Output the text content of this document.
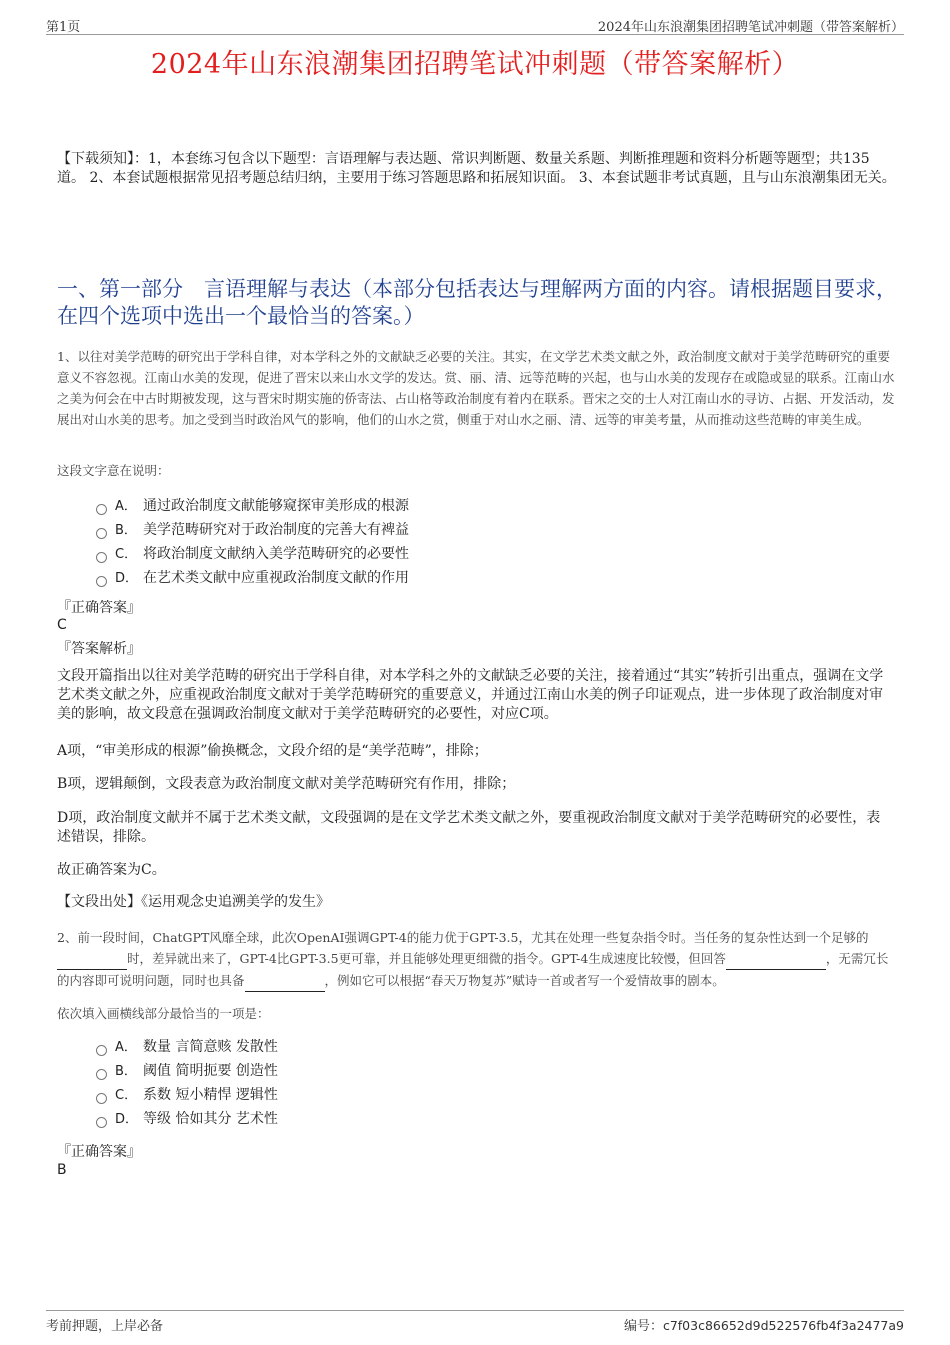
第1页	2024年山东浪潮集团招聘笔试冲刺题（带答案解析）
2024年山东浪潮集团招聘笔试冲刺题（带答案解析）
【下载须知】：1，本套练习包含以下题型：言语理解与表达题、常识判断题、数量关系题、判断推理题和资料分析题等题型；共135道。 2、本套试题根据常见招考题总结归纳，主要用于练习答题思路和拓展知识面。 3、本套试题非考试真题，且与山东浪潮集团无关。
一、第一部分　言语理解与表达（本部分包括表达与理解两方面的内容。请根据题目要求，在四个选项中选出一个最恰当的答案。）
1、以往对美学范畴的研究出于学科自律，对本学科之外的文献缺乏必要的关注。其实，在文学艺术类文献之外，政治制度文献对于美学范畴研究的重要意义不容忽视。江南山水美的发现，促进了晋宋以来山水文学的发达。赏、丽、清、远等范畴的兴起，也与山水美的发现存在或隐或显的联系。江南山水之美为何会在中古时期被发现，这与晋宋时期实施的侨寄法、占山格等政治制度有着内在联系。晋宋之交的士人对江南山水的寻访、占据、开发活动，发展出对山水美的思考。加之受到当时政治风气的影响，他们的山水之赏，侧重于对山水之丽、清、远等的审美考量，从而推动这些范畴的审美生成。
这段文字意在说明：
A． 通过政治制度文献能够窥探审美形成的根源
B． 美学范畴研究对于政治制度的完善大有裨益
C． 将政治制度文献纳入美学范畴研究的必要性
D． 在艺术类文献中应重视政治制度文献的作用
『正确答案』
C
『答案解析』
文段开篇指出以往对美学范畴的研究出于学科自律，对本学科之外的文献缺乏必要的关注，接着通过“其实”转折引出重点，强调在文学艺术类文献之外，应重视政治制度文献对于美学范畴研究的重要意义，并通过江南山水美的例子印证观点，进一步体现了政治制度对审美的影响，故文段意在强调政治制度文献对于美学范畴研究的必要性，对应C项。
A项，“审美形成的根源”偷换概念，文段介绍的是“美学范畴”，排除；
B项，逻辑颠倒，文段表意为政治制度文献对美学范畴研究有作用，排除；
D项，政治制度文献并不属于艺术类文献，文段强调的是在文学艺术类文献之外，要重视政治制度文献对于美学范畴研究的必要性，表述错误，排除。
故正确答案为C。
【文段出处】《运用观念史追溯美学的发生》
2、前一段时间，ChatGPT风靡全球，此次OpenAI强调GPT-4的能力优于GPT-3.5，尤其在处理一些复杂指令时。当任务的复杂性达到一个足够的 时，差异就出来了，GPT-4比GPT-3.5更可靠，并且能够处理更细微的指令。GPT-4生成速度比较慢，但回答	，无需冗长的内容即可说明问题，同时也具备	，例如它可以根据“春天万物复苏”赋诗一首或者写一个爱情故事的剧本。
依次填入画横线部分最恰当的一项是：
A． 数量 言简意赅 发散性
B． 阈值 简明扼要 创造性
C． 系数 短小精悍 逻辑性
D． 等级 恰如其分 艺术性
『正确答案』
B
考前押题，上岸必备	编号：c7f03c86652d9d522576fb4f3a2477a9
